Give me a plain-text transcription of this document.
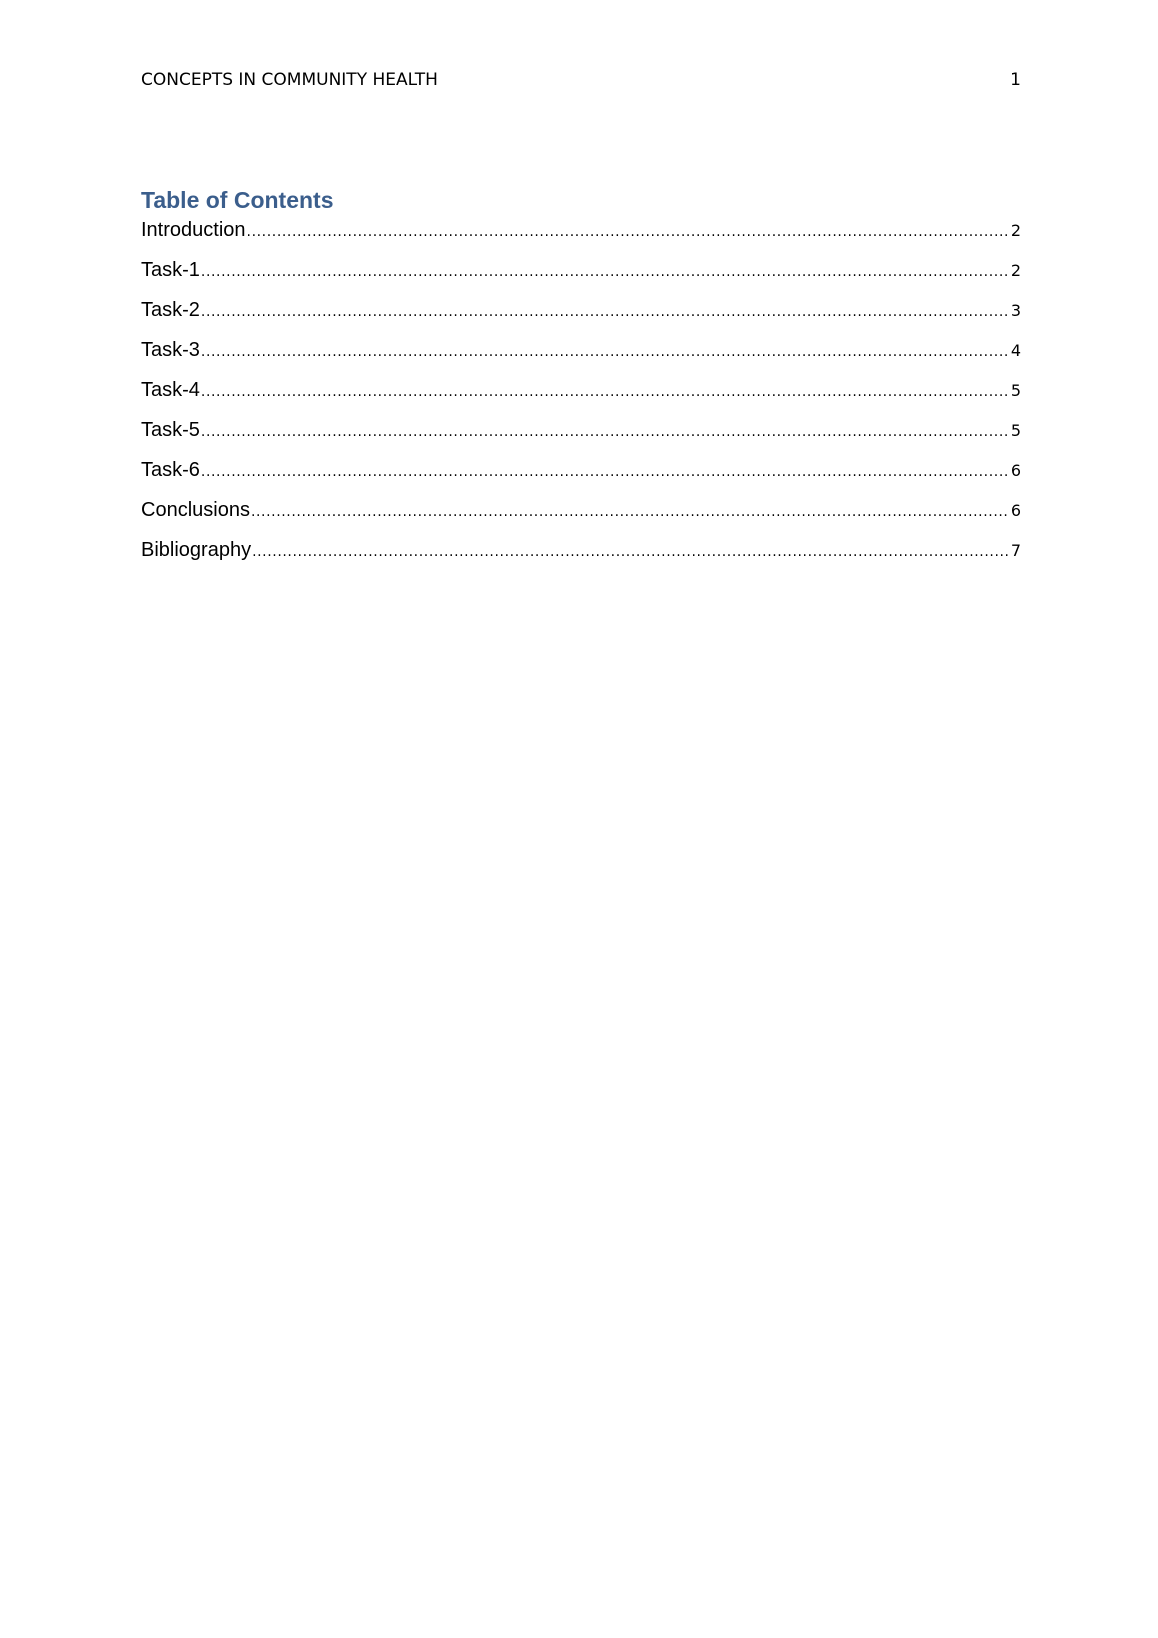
CONCEPTS IN COMMUNITY HEALTH	1
Table of Contents
Introduction .....	2
Task-1 .....	2
Task-2 .....	3
Task-3 .....	4
Task-4 .....	5
Task-5 .....	5
Task-6 .....	6
Conclusions .....	6
Bibliography .....	7
